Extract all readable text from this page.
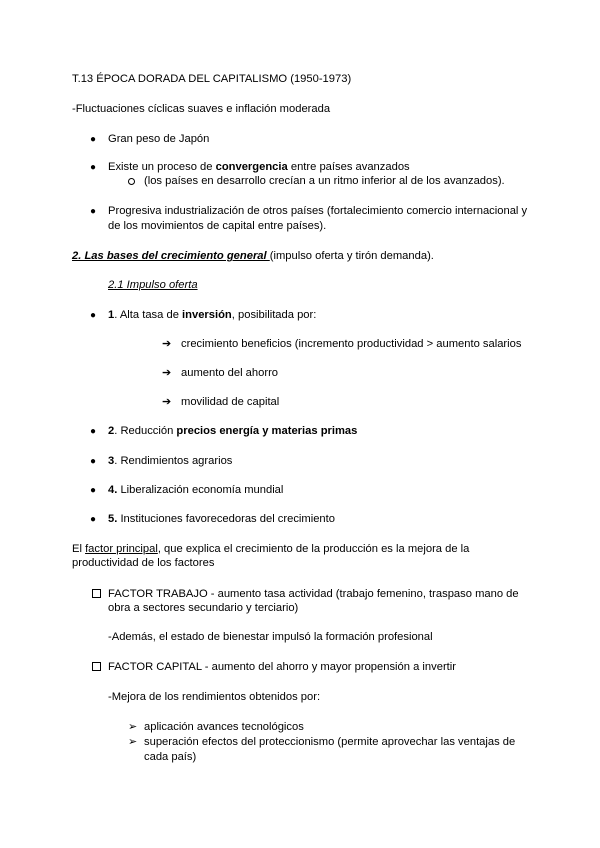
T.13 ÉPOCA DORADA DEL CAPITALISMO (1950-1973)
-Fluctuaciones cíclicas suaves e inflación moderada
● Gran peso de Japón
● Existe un proceso de convergencia entre países avanzados
(los países en desarrollo crecían a un ritmo inferior al de los avanzados).
● Progresiva industrialización de otros países (fortalecimiento comercio internacional y
de los movimientos de capital entre países).
2. Las bases del crecimiento general (impulso oferta y tirón demanda).
2.1 Impulso oferta
● 1. Alta tasa de inversión, posibilitada por:
➔ crecimiento beneficios (incremento productividad > aumento salarios
➔ aumento del ahorro
➔ movilidad de capital
● 2. Reducción precios energía y materias primas
● 3. Rendimientos agrarios
● 4. Liberalización economía mundial
● 5. Instituciones favorecedoras del crecimiento
El factor principal, que explica el crecimiento de la producción es la mejora de la
productividad de los factores
FACTOR TRABAJO - aumento tasa actividad (trabajo femenino, traspaso mano de
obra a sectores secundario y terciario)
-Además, el estado de bienestar impulsó la formación profesional
FACTOR CAPITAL - aumento del ahorro y mayor propensión a invertir
-Mejora de los rendimientos obtenidos por:
➢ aplicación avances tecnológicos
➢ superación efectos del proteccionismo (permite aprovechar las ventajas de
cada país)
